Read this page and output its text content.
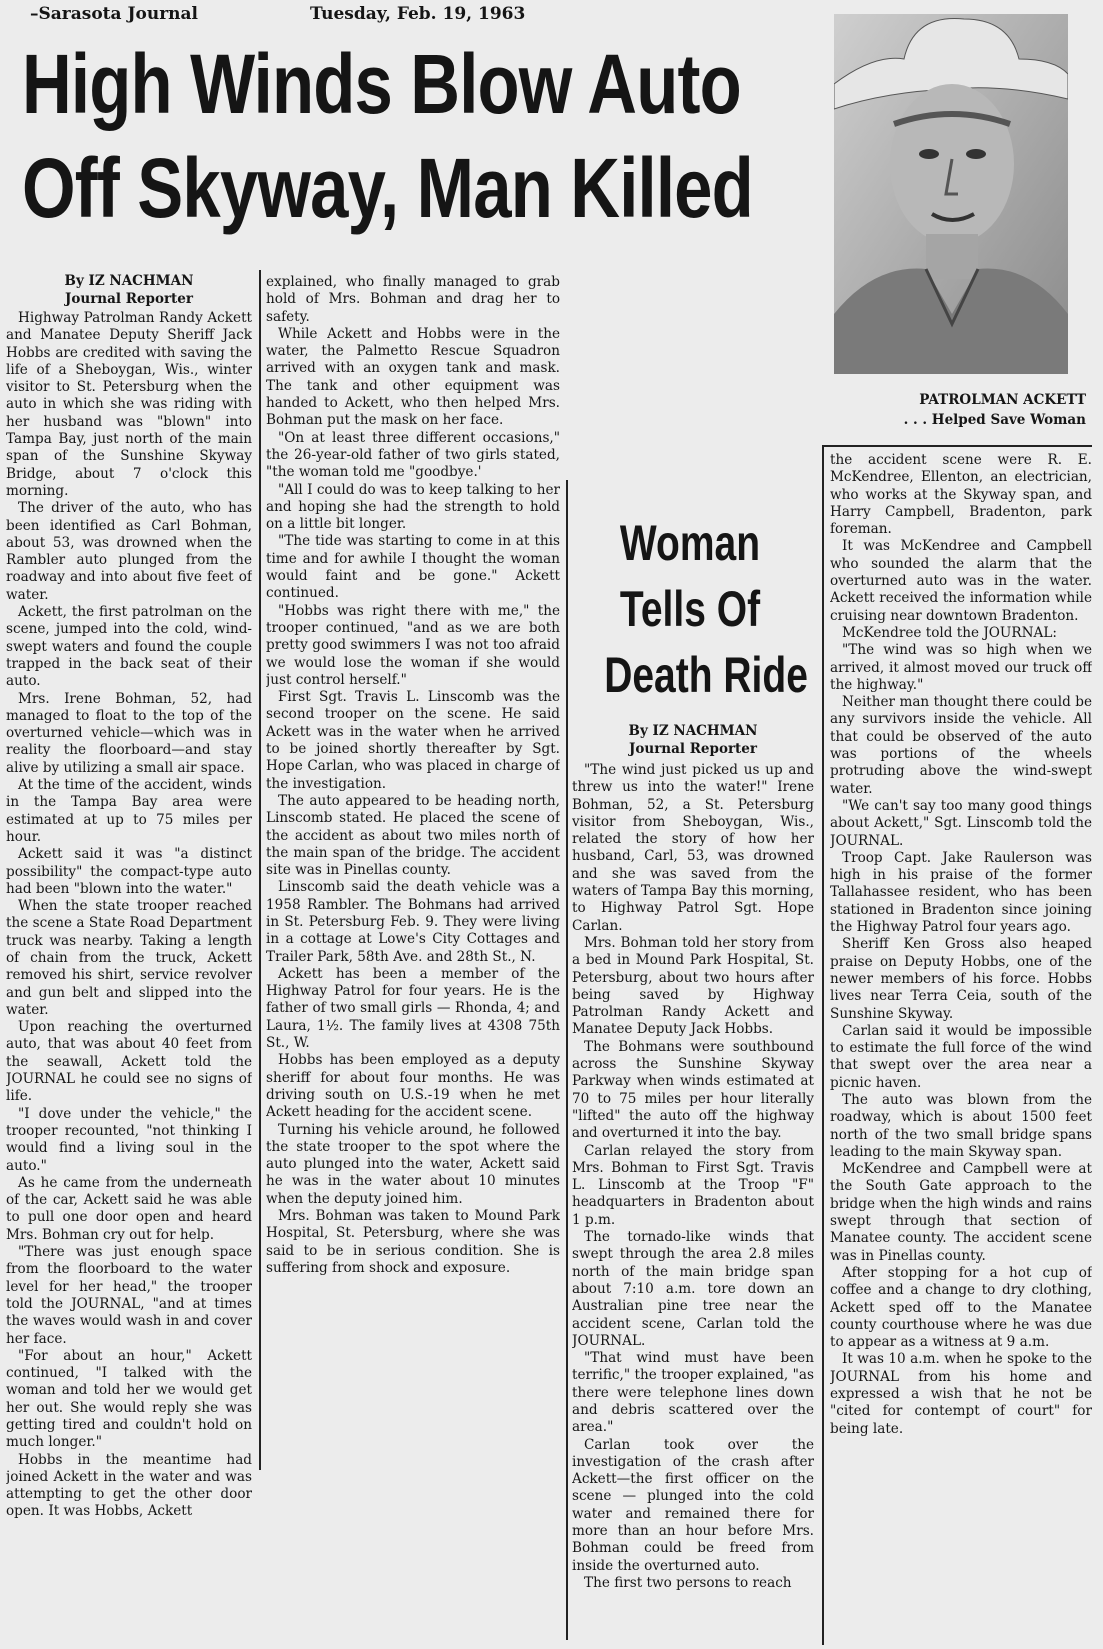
–Sarasota Journal	Tuesday, Feb. 19, 1963
High Winds Blow Auto
Off Skyway, Man Killed
PATROLMAN ACKETT
. . . Helped Save Woman

By IZ NACHMAN

Journal Reporter

Highway Patrolman Randy Ackett and Manatee Deputy Sheriff Jack Hobbs are credited with saving the life of a Sheboygan, Wis., winter visitor to St. Petersburg when the auto in which she was riding with her husband was "blown" into Tampa Bay, just north of the main span of the Sunshine Skyway Bridge, about 7 o'clock this morning.

The driver of the auto, who has been identified as Carl Bohman, about 53, was drowned when the Rambler auto plunged from the roadway and into about five feet of water.

Ackett, the first patrolman on the scene, jumped into the cold, wind-swept waters and found the couple trapped in the back seat of their auto.

Mrs. Irene Bohman, 52, had managed to float to the top of the overturned vehicle—which was in reality the floorboard—and stay alive by utilizing a small air space.

At the time of the accident, winds in the Tampa Bay area were estimated at up to 75 miles per hour.

Ackett said it was "a distinct possibility" the compact-type auto had been "blown into the water."

When the state trooper reached the scene a State Road Department truck was nearby. Taking a length of chain from the truck, Ackett removed his shirt, service revolver and gun belt and slipped into the water.

Upon reaching the overturned auto, that was about 40 feet from the seawall, Ackett told the JOURNAL he could see no signs of life.

"I dove under the vehicle," the trooper recounted, "not thinking I would find a living soul in the auto."

As he came from the underneath of the car, Ackett said he was able to pull one door open and heard Mrs. Bohman cry out for help.

"There was just enough space from the floorboard to the water level for her head," the trooper told the JOURNAL, "and at times the waves would wash in and cover her face.

"For about an hour," Ackett continued, "I talked with the woman and told her we would get her out. She would reply she was getting tired and couldn't hold on much longer."

Hobbs in the meantime had joined Ackett in the water and was attempting to get the other door open. It was Hobbs, Ackett

explained, who finally managed to grab hold of Mrs. Bohman and drag her to safety.

While Ackett and Hobbs were in the water, the Palmetto Rescue Squadron arrived with an oxygen tank and mask. The tank and other equipment was handed to Ackett, who then helped Mrs. Bohman put the mask on her face.

"On at least three different occasions," the 26-year-old father of two girls stated, "the woman told me "goodbye.'

"All I could do was to keep talking to her and hoping she had the strength to hold on a little bit longer.

"The tide was starting to come in at this time and for awhile I thought the woman would faint and be gone." Ackett continued.

"Hobbs was right there with me," the trooper continued, "and as we are both pretty good swimmers I was not too afraid we would lose the woman if she would just control herself."

First Sgt. Travis L. Linscomb was the second trooper on the scene. He said Ackett was in the water when he arrived to be joined shortly thereafter by Sgt. Hope Carlan, who was placed in charge of the investigation.

The auto appeared to be heading north, Linscomb stated. He placed the scene of the accident as about two miles north of the main span of the bridge. The accident site was in Pinellas county.

Linscomb said the death vehicle was a 1958 Rambler. The Bohmans had arrived in St. Petersburg Feb. 9. They were living in a cottage at Lowe's City Cottages and Trailer Park, 58th Ave. and 28th St., N.

Ackett has been a member of the Highway Patrol for four years. He is the father of two small girls — Rhonda, 4; and Laura, 1½. The family lives at 4308 75th St., W.

Hobbs has been employed as a deputy sheriff for about four months. He was driving south on U.S.-19 when he met Ackett heading for the accident scene.

Turning his vehicle around, he followed the state trooper to the spot where the auto plunged into the water, Ackett said he was in the water about 10 minutes when the deputy joined him.

Mrs. Bohman was taken to Mound Park Hospital, St. Petersburg, where she was said to be in serious condition. She is suffering from shock and exposure.

Woman
Tells Of
Death Ride

By IZ NACHMAN

Journal Reporter

"The wind just picked us up and threw us into the water!" Irene Bohman, 52, a St. Petersburg visitor from Sheboygan, Wis., related the story of how her husband, Carl, 53, was drowned and she was saved from the waters of Tampa Bay this morning, to Highway Patrol Sgt. Hope Carlan.

Mrs. Bohman told her story from a bed in Mound Park Hospital, St. Petersburg, about two hours after being saved by Highway Patrolman Randy Ackett and Manatee Deputy Jack Hobbs.

The Bohmans were southbound across the Sunshine Skyway Parkway when winds estimated at 70 to 75 miles per hour literally "lifted" the auto off the highway and overturned it into the bay.

Carlan relayed the story from Mrs. Bohman to First Sgt. Travis L. Linscomb at the Troop "F" headquarters in Bradenton about 1 p.m.

The tornado-like winds that swept through the area 2.8 miles north of the main bridge span about 7:10 a.m. tore down an Australian pine tree near the accident scene, Carlan told the JOURNAL.

"That wind must have been terrific," the trooper explained, "as there were telephone lines down and debris scattered over the area."

Carlan took over the investigation of the crash after Ackett—the first officer on the scene — plunged into the cold water and remained there for more than an hour before Mrs. Bohman could be freed from inside the overturned auto.

The first two persons to reach

the accident scene were R. E. McKendree, Ellenton, an electrician, who works at the Skyway span, and Harry Campbell, Bradenton, park foreman.

It was McKendree and Campbell who sounded the alarm that the overturned auto was in the water. Ackett received the information while cruising near downtown Bradenton.

McKendree told the JOURNAL:

"The wind was so high when we arrived, it almost moved our truck off the highway."

Neither man thought there could be any survivors inside the vehicle. All that could be observed of the auto was portions of the wheels protruding above the wind-swept water.

"We can't say too many good things about Ackett," Sgt. Linscomb told the JOURNAL.

Troop Capt. Jake Raulerson was high in his praise of the former Tallahassee resident, who has been stationed in Bradenton since joining the Highway Patrol four years ago.

Sheriff Ken Gross also heaped praise on Deputy Hobbs, one of the newer members of his force. Hobbs lives near Terra Ceia, south of the Sunshine Skyway.

Carlan said it would be impossible to estimate the full force of the wind that swept over the area near a picnic haven.

The auto was blown from the roadway, which is about 1500 feet north of the two small bridge spans leading to the main Skyway span.

McKendree and Campbell were at the South Gate approach to the bridge when the high winds and rains swept through that section of Manatee county. The accident scene was in Pinellas county.

After stopping for a hot cup of coffee and a change to dry clothing, Ackett sped off to the Manatee county courthouse where he was due to appear as a witness at 9 a.m.

It was 10 a.m. when he spoke to the JOURNAL from his home and expressed a wish that he not be "cited for contempt of court" for being late.
